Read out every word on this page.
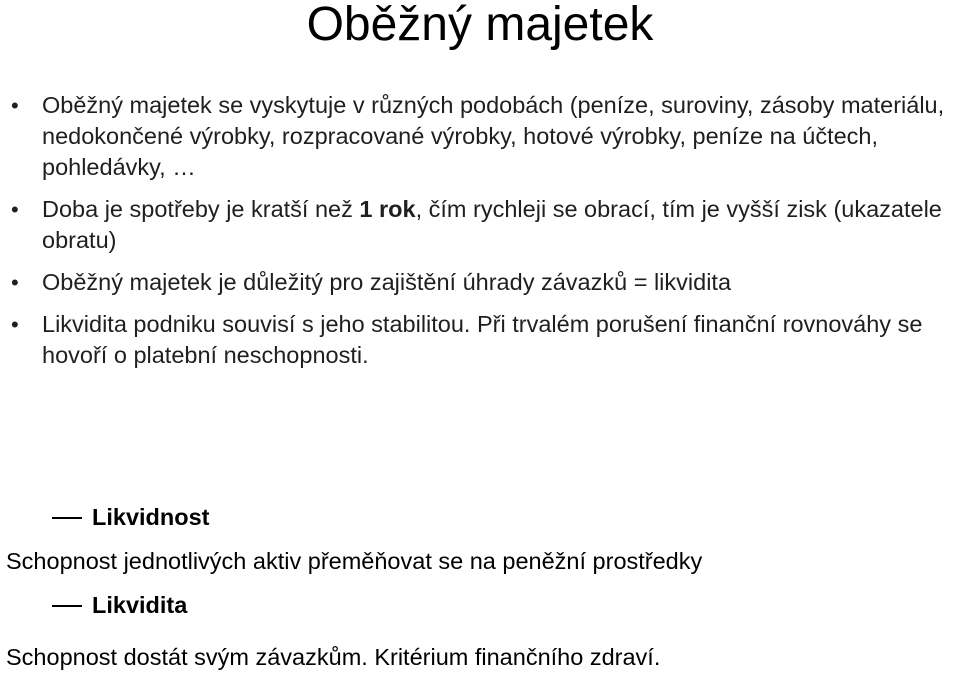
Oběžný majetek
• Oběžný majetek se vyskytuje v různých podobách (peníze, suroviny, zásoby materiálu, nedokončené výrobky, rozpracované výrobky, hotové výrobky, peníze na účtech, pohledávky, …
• Doba je spotřeby je kratší než 1 rok, čím rychleji se obrací, tím je vyšší zisk (ukazatele obratu)
• Oběžný majetek je důležitý pro zajištění úhrady závazků = likvidita
• Likvidita podniku souvisí s jeho stabilitou. Při trvalém porušení finanční rovnováhy se hovoří o platební neschopnosti.
Likvidnost
Schopnost jednotlivých aktiv přeměňovat se na peněžní prostředky
Likvidita
Schopnost dostát svým závazkům. Kritérium finančního zdraví.
